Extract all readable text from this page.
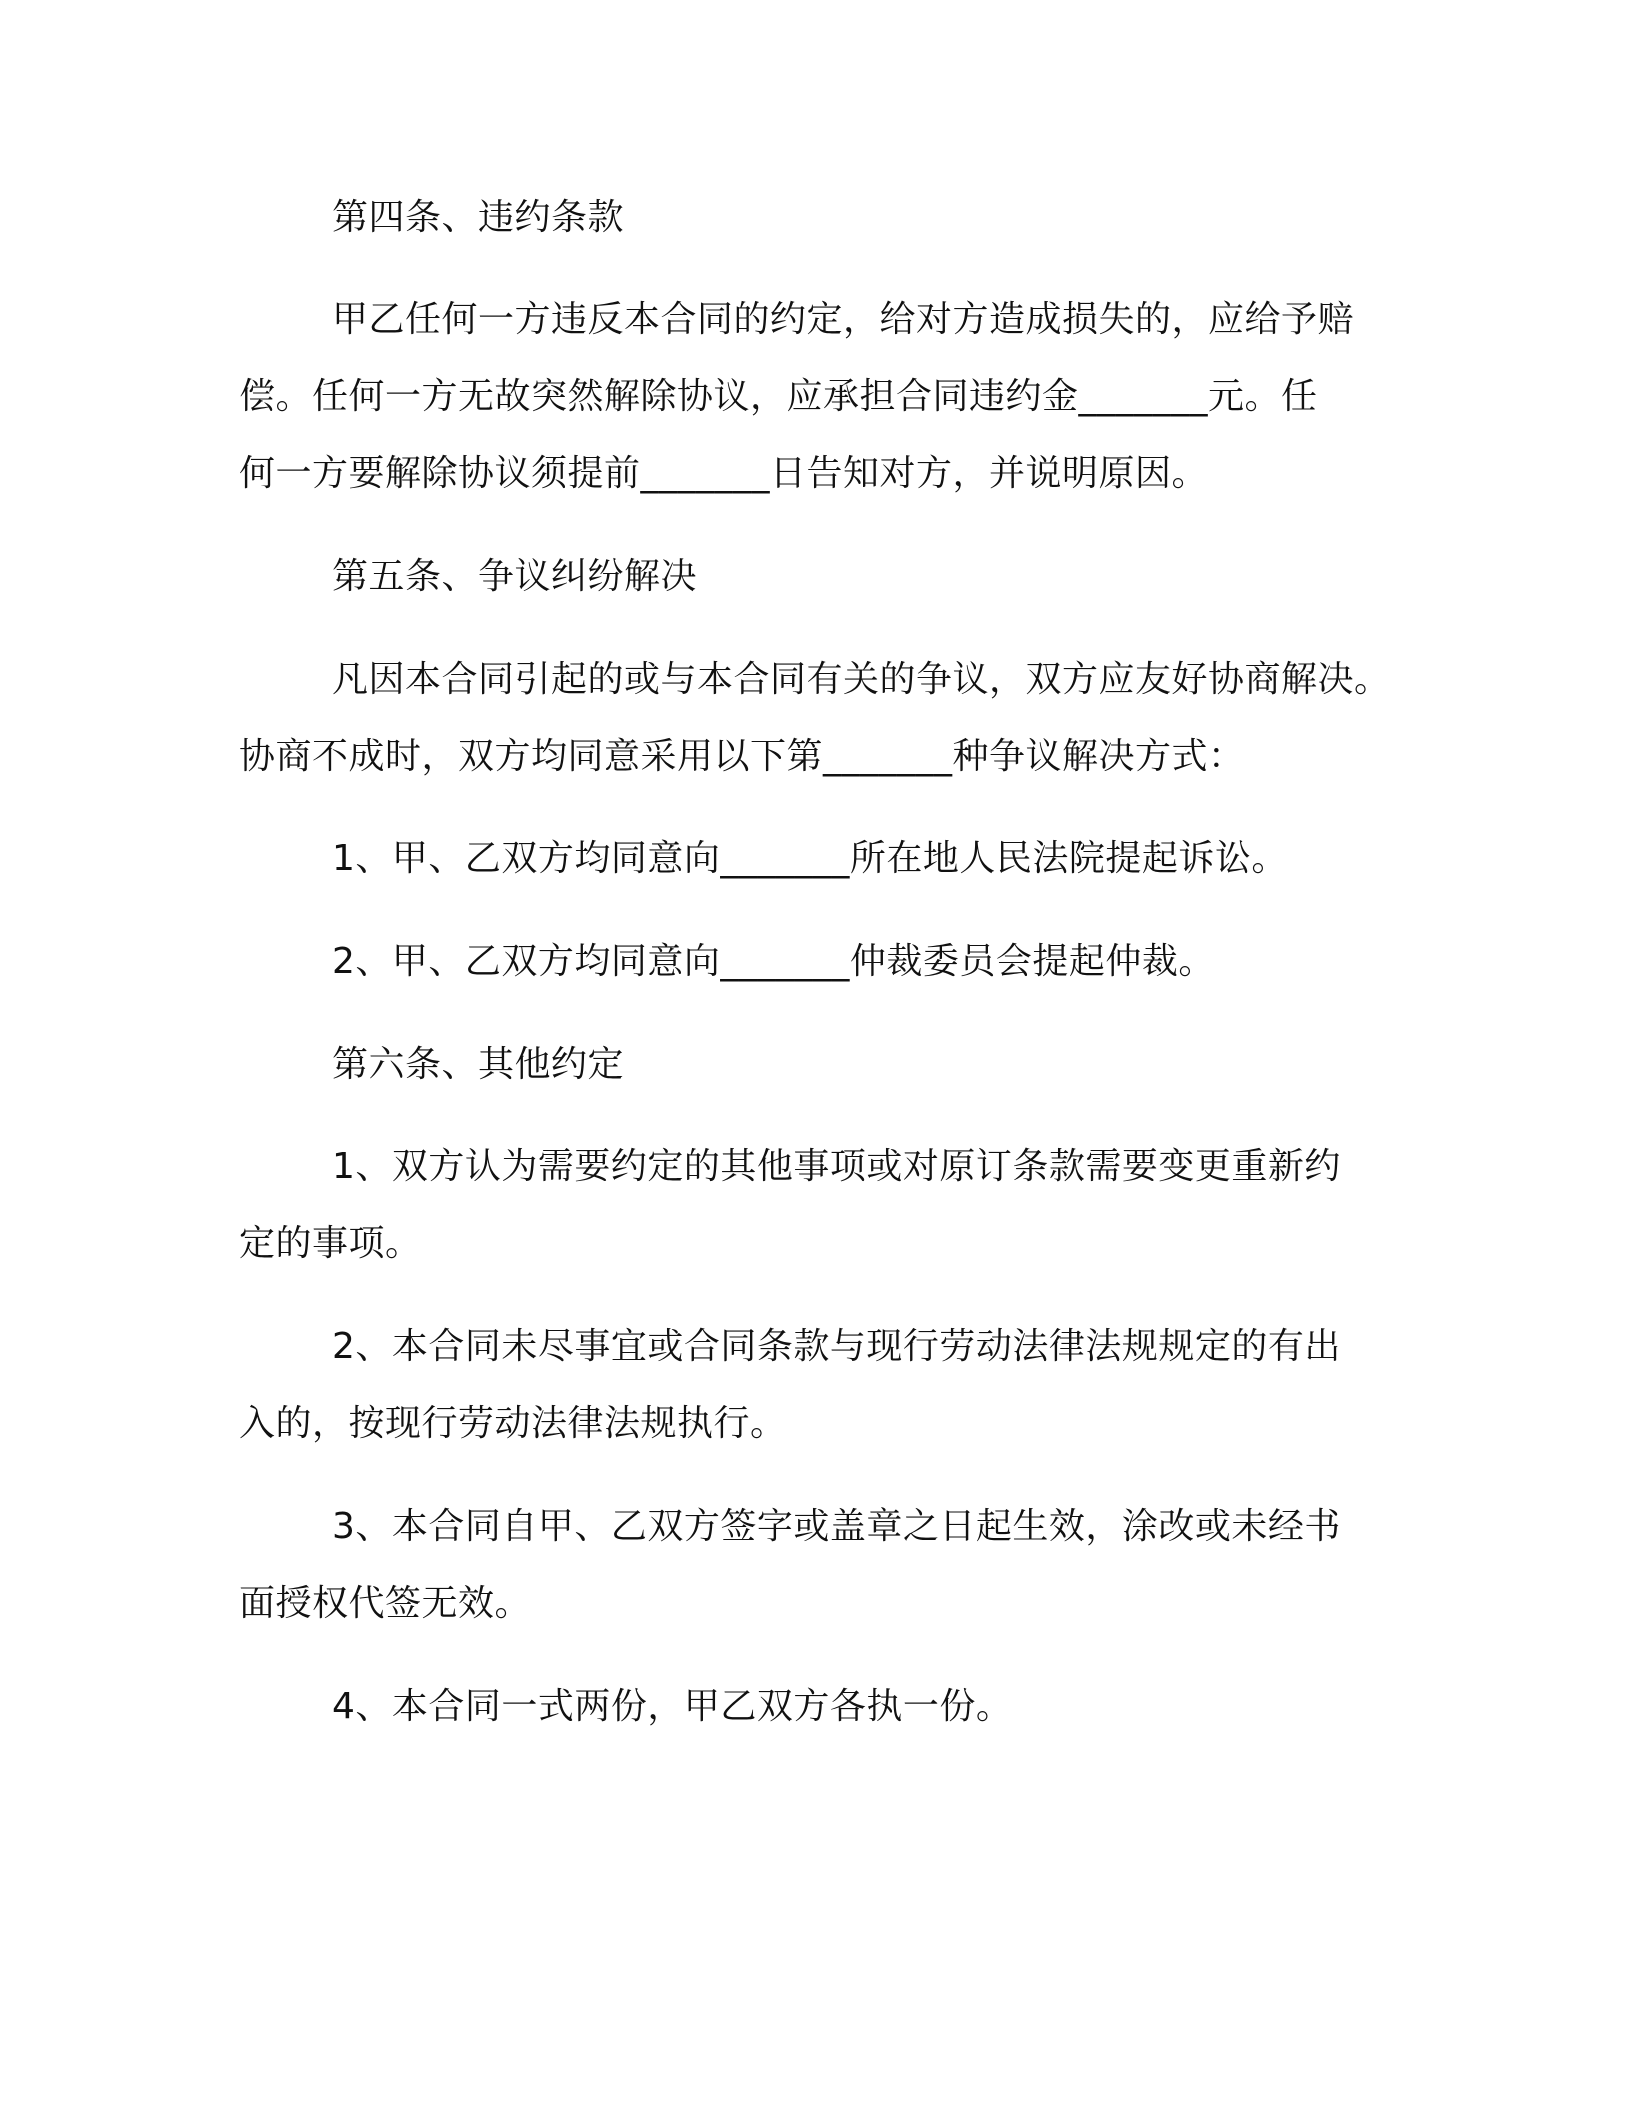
第四条、违约条款
甲乙任何一方违反本合同的约定，给对方造成损失的，应给予赔
偿。任何一方无故突然解除协议，应承担合同违约金_______元。任
何一方要解除协议须提前_______日告知对方，并说明原因。
第五条、争议纠纷解决
凡因本合同引起的或与本合同有关的争议，双方应友好协商解决。
协商不成时，双方均同意采用以下第_______种争议解决方式：
1、甲、乙双方均同意向_______所在地人民法院提起诉讼。
2、甲、乙双方均同意向_______仲裁委员会提起仲裁。
第六条、其他约定
1、双方认为需要约定的其他事项或对原订条款需要变更重新约
定的事项。
2、本合同未尽事宜或合同条款与现行劳动法律法规规定的有出
入的，按现行劳动法律法规执行。
3、本合同自甲、乙双方签字或盖章之日起生效，涂改或未经书
面授权代签无效。
4、本合同一式两份，甲乙双方各执一份。
